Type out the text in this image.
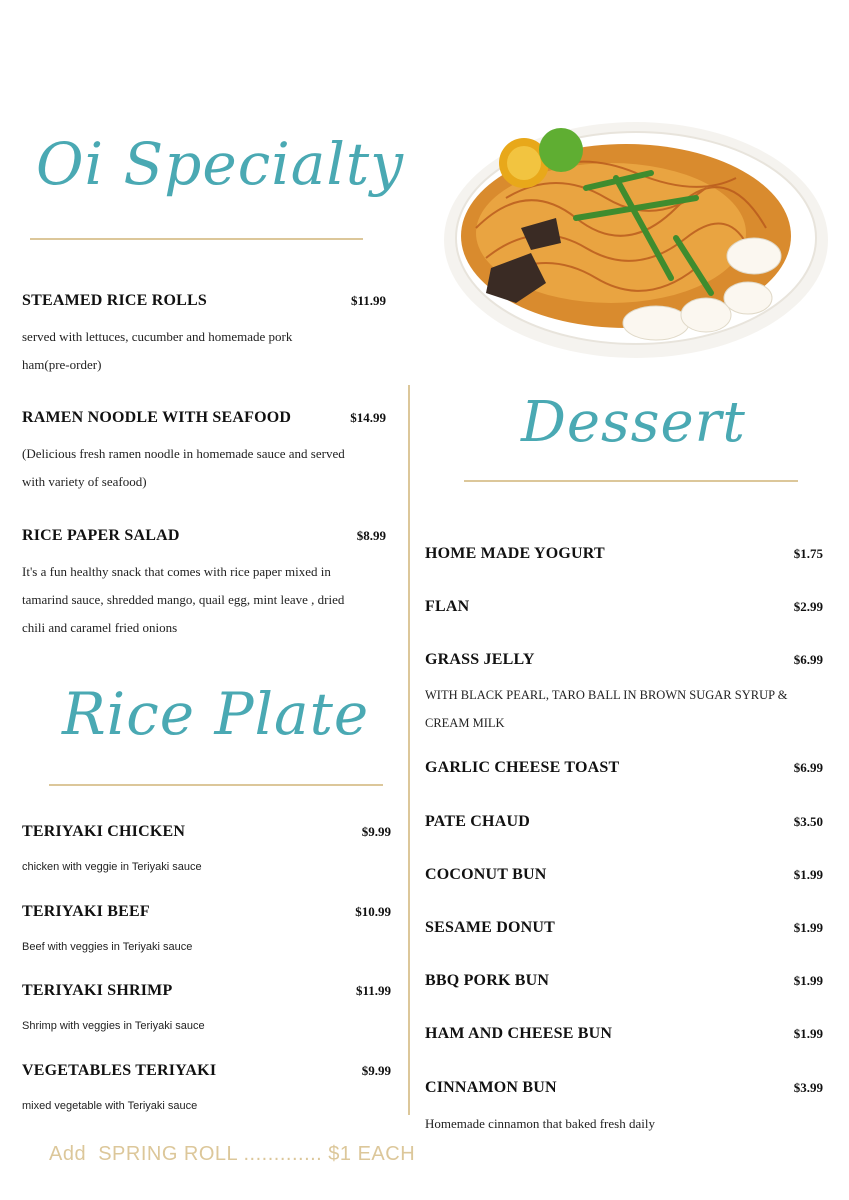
Oi Specialty
STEAMED RICE ROLLS	$11.99
served with lettuces, cucumber and homemade pork ham(pre-order)
RAMEN NOODLE WITH SEAFOOD	$14.99
(Delicious fresh ramen noodle in homemade sauce and served with variety of seafood)
RICE PAPER SALAD	$8.99
It's a fun healthy snack that comes with rice paper mixed in tamarind sauce, shredded mango, quail egg, mint leave , dried chili and caramel fried onions
Rice Plate
TERIYAKI CHICKEN	$9.99
chicken with veggie in Teriyaki sauce
TERIYAKI BEEF	$10.99
Beef with veggies in Teriyaki sauce
TERIYAKI SHRIMP	$11.99
Shrimp with veggies in Teriyaki sauce
VEGETABLES TERIYAKI	$9.99
mixed vegetable with Teriyaki sauce
Dessert
HOME MADE YOGURT	$1.75
FLAN	$2.99
GRASS JELLY	$6.99
WITH BLACK PEARL, TARO BALL IN BROWN SUGAR SYRUP & CREAM MILK
GARLIC CHEESE TOAST	$6.99
PATE CHAUD	$3.50
COCONUT BUN	$1.99
SESAME DONUT	$1.99
BBQ PORK BUN	$1.99
HAM AND CHEESE BUN	$1.99
CINNAMON BUN	$3.99
Homemade cinnamon that baked fresh daily
Add  SPRING ROLL ............. $1 EACH
